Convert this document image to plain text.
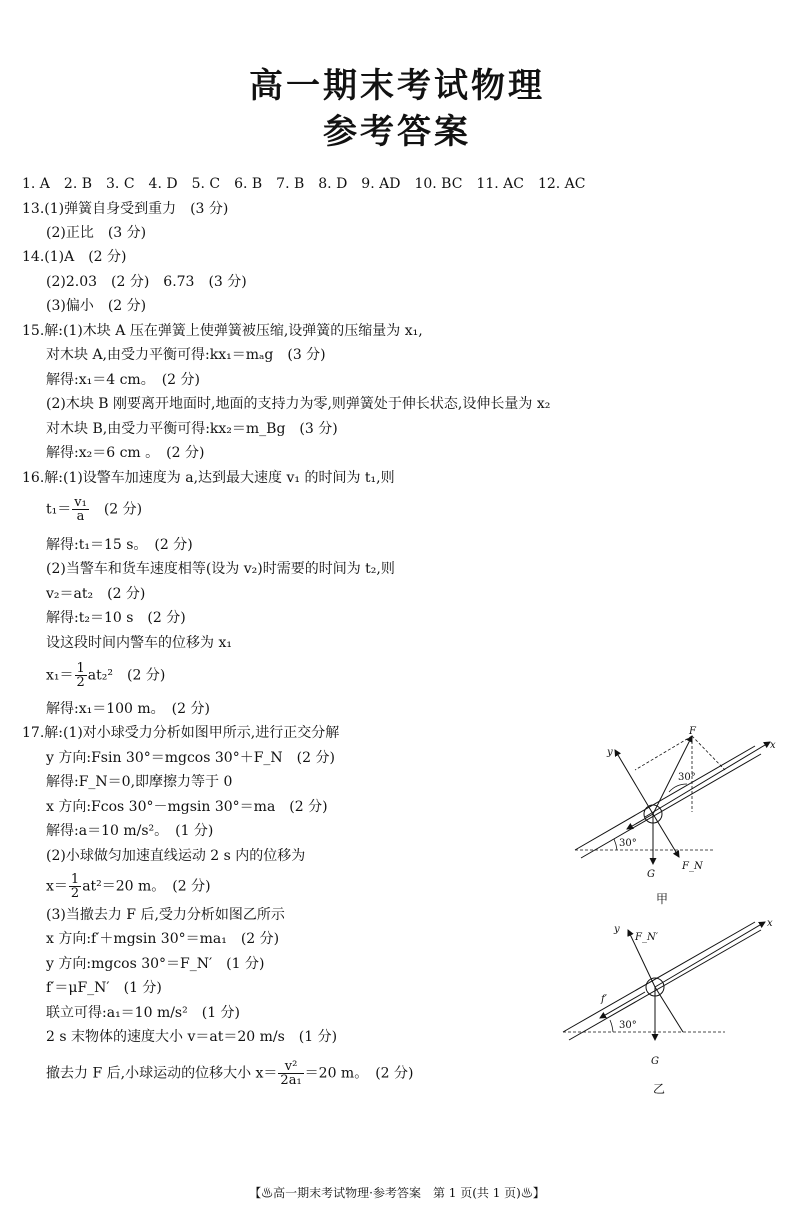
高一期末考试物理
参考答案
1. A　2. B　3. C　4. D　5. C　6. B　7. B　8. D　9. AD　10. BC　11. AC　12. AC
13.(1)弹簧自身受到重力　(3 分)
(2)正比　(3 分)
14.(1)A　(2 分)
(2)2.03　(2 分)　6.73　(3 分)
(3)偏小　(2 分)
15.解:(1)木块 A 压在弹簧上使弹簧被压缩,设弹簧的压缩量为 x₁,
对木块 A,由受力平衡可得:kx₁＝mₐg　(3 分)
解得:x₁＝4 cm。　(2 分)
(2)木块 B 刚要离开地面时,地面的支持力为零,则弹簧处于伸长状态,设伸长量为 x₂
对木块 B,由受力平衡可得:kx₂＝m_Bg　(3 分)
解得:x₂＝6 cm 。　(2 分)
16.解:(1)设警车加速度为 a,达到最大速度 v₁ 的时间为 t₁,则
$t_1= \frac{\text{v₁}}{a}$
　 (2 分)
解得:t₁＝15 s。　(2 分)
(2)当警车和货车速度相等(设为 v₂)时需要的时间为 t₂,则
v₂＝at₂　(2 分)
解得:t₂＝10 s　(2 分)
设这段时间内警车的位移为 x₁
$x_1= \frac{1}{2} at_2^2$　(2 分)
解得:x₁＝100 m。　(2 分)
17.解:(1)对小球受力分析如图甲所示,进行正交分解
y 方向:Fsin 30°＝mgcos 30°＋F_N　(2 分)
解得:F_N＝0,即摩擦力等于 0
x 方向:Fcos 30°－mgsin 30°＝ma　(2 分)
解得:a＝10 m/s²。　(1 分)
(2)小球做匀加速直线运动 2 s 内的位移为
$x= \frac{1}{2} at^2=20$ m。　(2 分)
(3)当撤去力 F 后,受力分析如图乙所示
x 方向:f′＋mgsin 30°＝ma₁　(2 分)
y 方向:mgcos 30°＝F_N′　(1 分)
f′＝μF_N′　(1 分)
联立可得:a₁＝10 m/s²　(1 分)
2 s 末物体的速度大小 v＝at＝20 m/s　(1 分)
撤去力 F 后,小球运动的位移大小 $x= \frac{\text{v²}}{\text{2a₁}} =20$ m。　(2 分)
F
y
x
30°
30°
G
F_N
甲
y
F_N′
x
f′
30°
G
乙
【♨高一期末考试物理·参考答案　第 1 页(共 1 页)♨】
